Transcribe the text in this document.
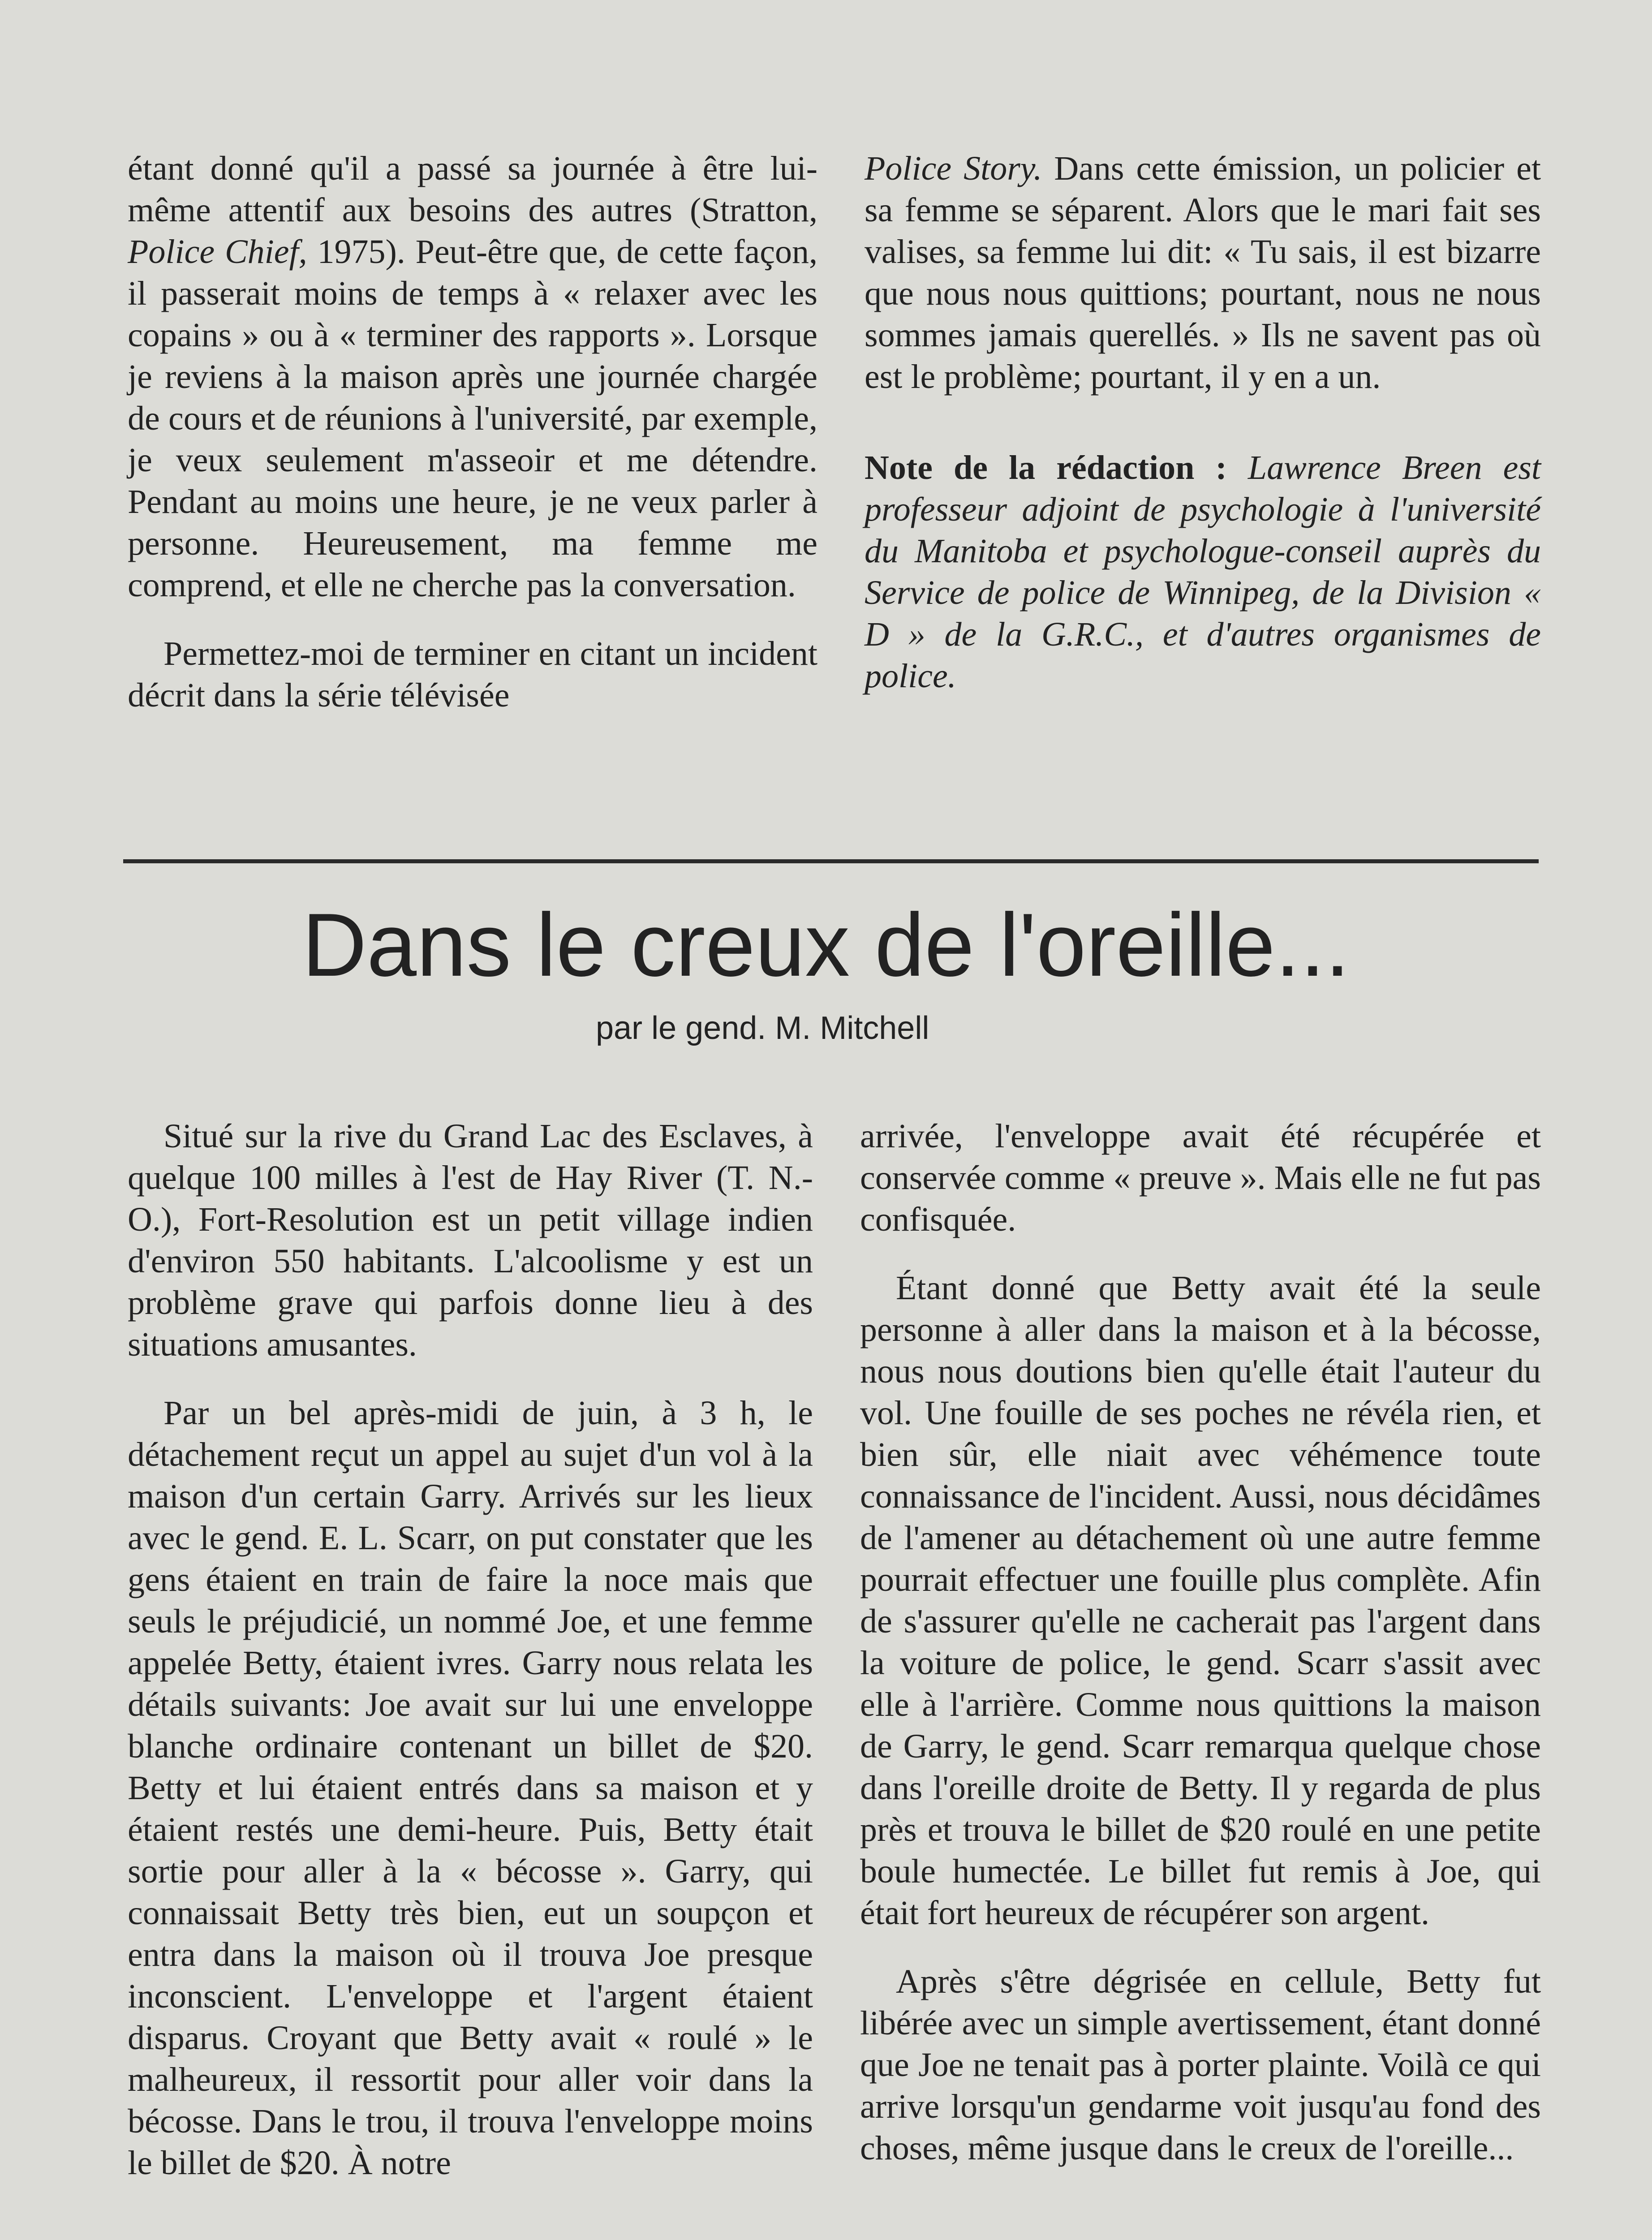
étant donné qu'il a passé sa journée à être lui-même attentif aux besoins des autres (Stratton, Police Chief, 1975). Peut-être que, de cette façon, il passerait moins de temps à « relaxer avec les copains » ou à « terminer des rapports ». Lorsque je reviens à la maison après une journée chargée de cours et de réunions à l'université, par exemple, je veux seulement m'asseoir et me détendre. Pendant au moins une heure, je ne veux parler à personne. Heureusement, ma femme me comprend, et elle ne cherche pas la conversation.

Permettez-moi de terminer en citant un incident décrit dans la série télévisée

Police Story. Dans cette émission, un policier et sa femme se séparent. Alors que le mari fait ses valises, sa femme lui dit: « Tu sais, il est bizarre que nous nous quittions; pourtant, nous ne nous sommes jamais querellés. » Ils ne savent pas où est le problème; pourtant, il y en a un.

Note de la rédaction : Lawrence Breen est professeur adjoint de psychologie à l'université du Manitoba et psychologue-conseil auprès du Service de police de Winnipeg, de la Division « D » de la G.R.C., et d'autres organismes de police.

Dans le creux de l'oreille...
par le gend. M. Mitchell

Situé sur la rive du Grand Lac des Esclaves, à quelque 100 milles à l'est de Hay River (T. N.-O.), Fort-Resolution est un petit village indien d'environ 550 habitants. L'alcoolisme y est un problème grave qui parfois donne lieu à des situations amusantes.

Par un bel après-midi de juin, à 3 h, le détachement reçut un appel au sujet d'un vol à la maison d'un certain Garry. Arrivés sur les lieux avec le gend. E. L. Scarr, on put constater que les gens étaient en train de faire la noce mais que seuls le préjudicié, un nommé Joe, et une femme appelée Betty, étaient ivres. Garry nous relata les détails suivants: Joe avait sur lui une enveloppe blanche ordinaire contenant un billet de $20. Betty et lui étaient entrés dans sa maison et y étaient restés une demi-heure. Puis, Betty était sortie pour aller à la « bécosse ». Garry, qui connaissait Betty très bien, eut un soupçon et entra dans la maison où il trouva Joe presque inconscient. L'enveloppe et l'argent étaient disparus. Croyant que Betty avait « roulé » le malheureux, il ressortit pour aller voir dans la bécosse. Dans le trou, il trouva l'enveloppe moins le billet de $20. À notre

arrivée, l'enveloppe avait été récupérée et conservée comme « preuve ». Mais elle ne fut pas confisquée.

Étant donné que Betty avait été la seule personne à aller dans la maison et à la bécosse, nous nous doutions bien qu'elle était l'auteur du vol. Une fouille de ses poches ne révéla rien, et bien sûr, elle niait avec véhémence toute connaissance de l'incident. Aussi, nous décidâmes de l'amener au détachement où une autre femme pourrait effectuer une fouille plus complète. Afin de s'assurer qu'elle ne cacherait pas l'argent dans la voiture de police, le gend. Scarr s'assit avec elle à l'arrière. Comme nous quittions la maison de Garry, le gend. Scarr remarqua quelque chose dans l'oreille droite de Betty. Il y regarda de plus près et trouva le billet de $20 roulé en une petite boule humectée. Le billet fut remis à Joe, qui était fort heureux de récupérer son argent.

Après s'être dégrisée en cellule, Betty fut libérée avec un simple avertissement, étant donné que Joe ne tenait pas à porter plainte. Voilà ce qui arrive lorsqu'un gendarme voit jusqu'au fond des choses, même jusque dans le creux de l'oreille...
